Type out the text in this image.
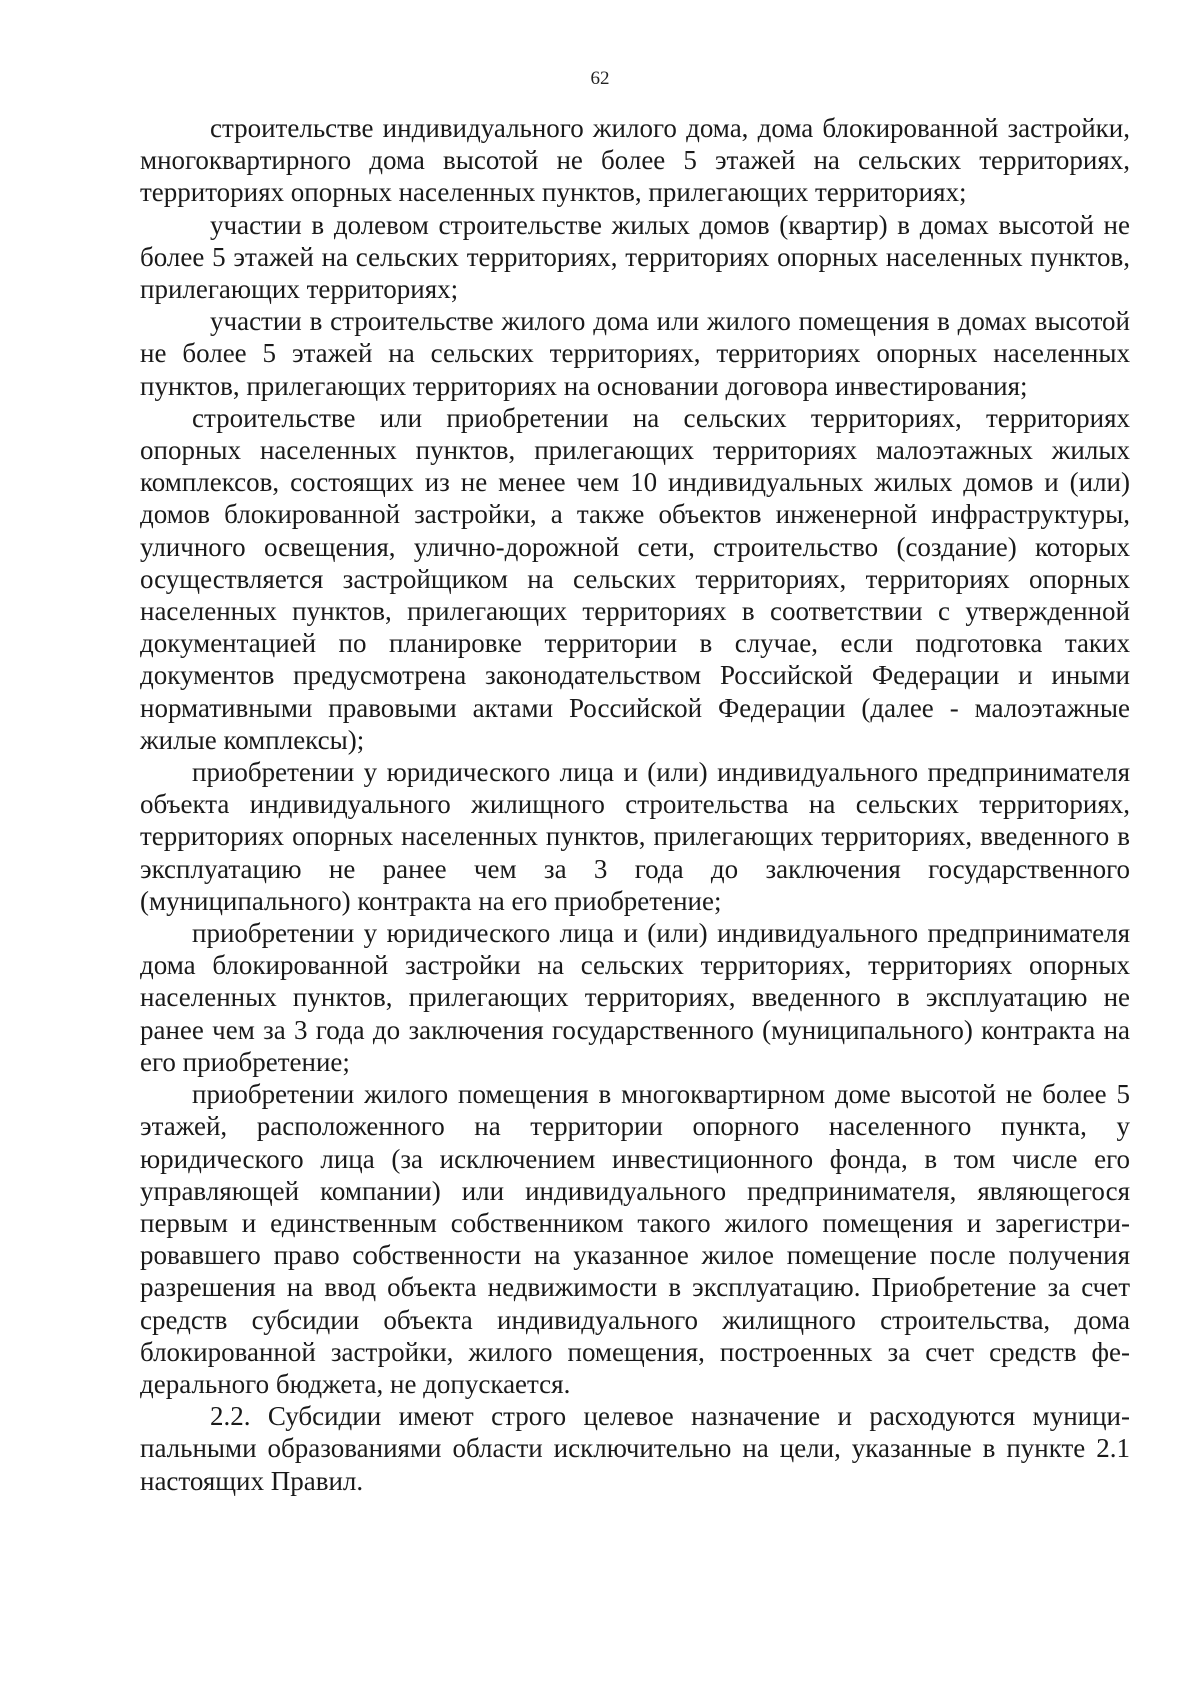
62

строительстве индивидуального жилого дома, дома блокированной застройки, многоквартирного дома высотой не более 5 этажей на сельских территориях, территориях опорных населенных пунктов, прилегающих территориях;

участии в долевом строительстве жилых домов (квартир) в домах высотой не более 5 этажей на сельских территориях, территориях опорных населенных пунктов, прилегающих территориях;

участии в строительстве жилого дома или жилого помещения в домах высотой не более 5 этажей на сельских территориях, территориях опорных населенных пунктов, прилегающих территориях на основании договора инвестирования;

строительстве или приобретении на сельских территориях, территориях опорных населенных пунктов, прилегающих территориях малоэтажных жилых комплексов, состоящих из не менее чем 10 индивидуальных жилых домов и (или) домов блокированной застройки, а также объектов инженерной инфраструктуры, уличного освещения, улично-дорожной сети, строительство (создание) которых осуществляется застройщиком на сельских территориях, территориях опорных населенных пунктов, прилегающих территориях в соответствии с утвержденной документацией по планировке территории в случае, если подготовка таких документов предусмотрена законодательством Российской Федерации и иными нормативными правовыми актами Российской Федерации (далее - малоэтажные жилые комплексы);

приобретении у юридического лица и (или) индивидуального предпринимателя объекта индивидуального жилищного строительства на сельских территориях, территориях опорных населенных пунктов, прилегающих территориях, введенного в эксплуатацию не ранее чем за 3 года до заключения государственного (муниципального) контракта на его приобретение;

приобретении у юридического лица и (или) индивидуального предпринимателя дома блокированной застройки на сельских территориях, территориях опорных населенных пунктов, прилегающих территориях, введенного в эксплуатацию не ранее чем за 3 года до заключения государственного (муниципального) контракта на его приобретение;

приобретении жилого помещения в многоквартирном доме высотой не более 5 этажей, расположенного на территории опорного населенного пункта, у юридического лица (за исключением инвестиционного фонда, в том числе его управляющей компании) или индивидуального предпринимателя, являющегося первым и единственным собственником такого жилого помещения и зарегистрировавшего право собственности на указанное жилое помещение после получения разрешения на ввод объекта недвижимости в эксплуатацию. Приобретение за счет средств субсидии объекта индивидуального жилищного строительства, дома блокированной застройки, жилого помещения, построенных за счет средств федерального бюджета, не допускается.

2.2. Субсидии имеют строго целевое назначение и расходуются муниципальными образованиями области исключительно на цели, указанные в пункте 2.1 настоящих Правил.
